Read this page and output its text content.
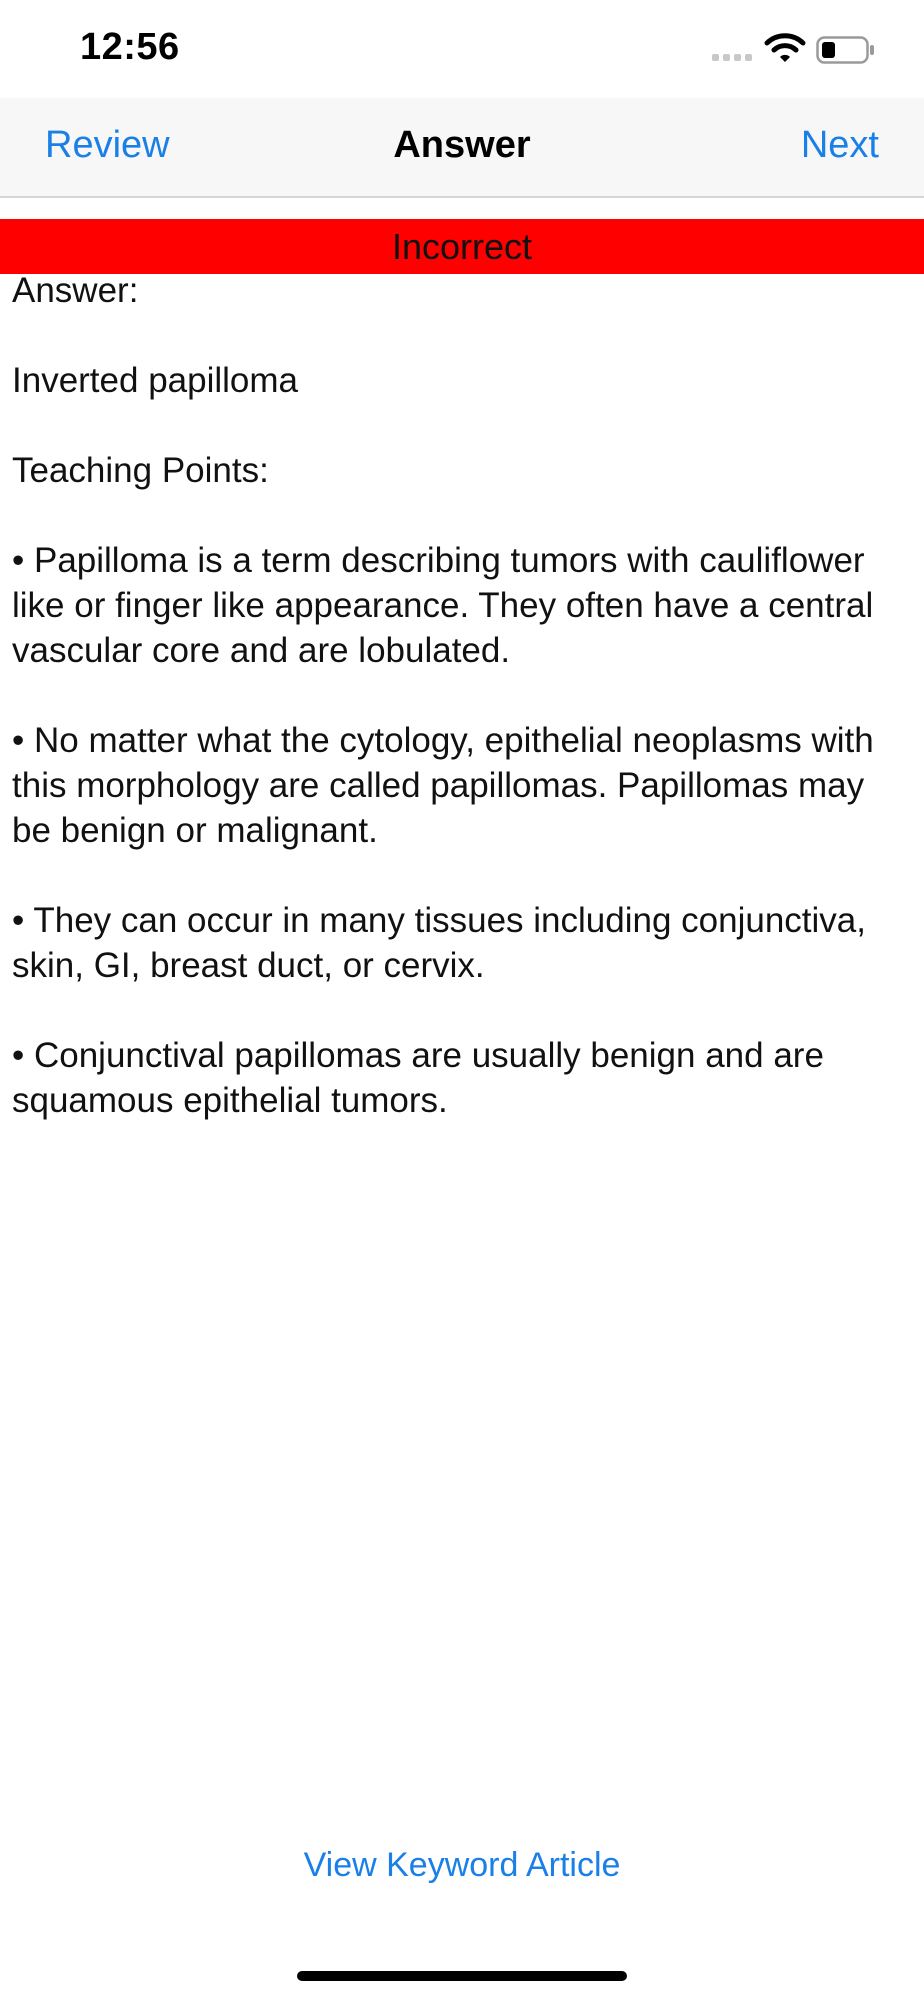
12:56
Review	Answer	Next
Incorrect

Answer:

Inverted papilloma

Teaching Points:

• Papilloma is a term describing tumors with cauliflower like or finger like appearance. They often have a central vascular core and are lobulated.

• No matter what the cytology, epithelial neoplasms with this morphology are called papillomas. Papillomas may be benign or malignant.

• They can occur in many tissues including conjunctiva, skin, GI, breast duct, or cervix.

• Conjunctival papillomas are usually benign and are squamous epithelial tumors.

View Keyword Article
